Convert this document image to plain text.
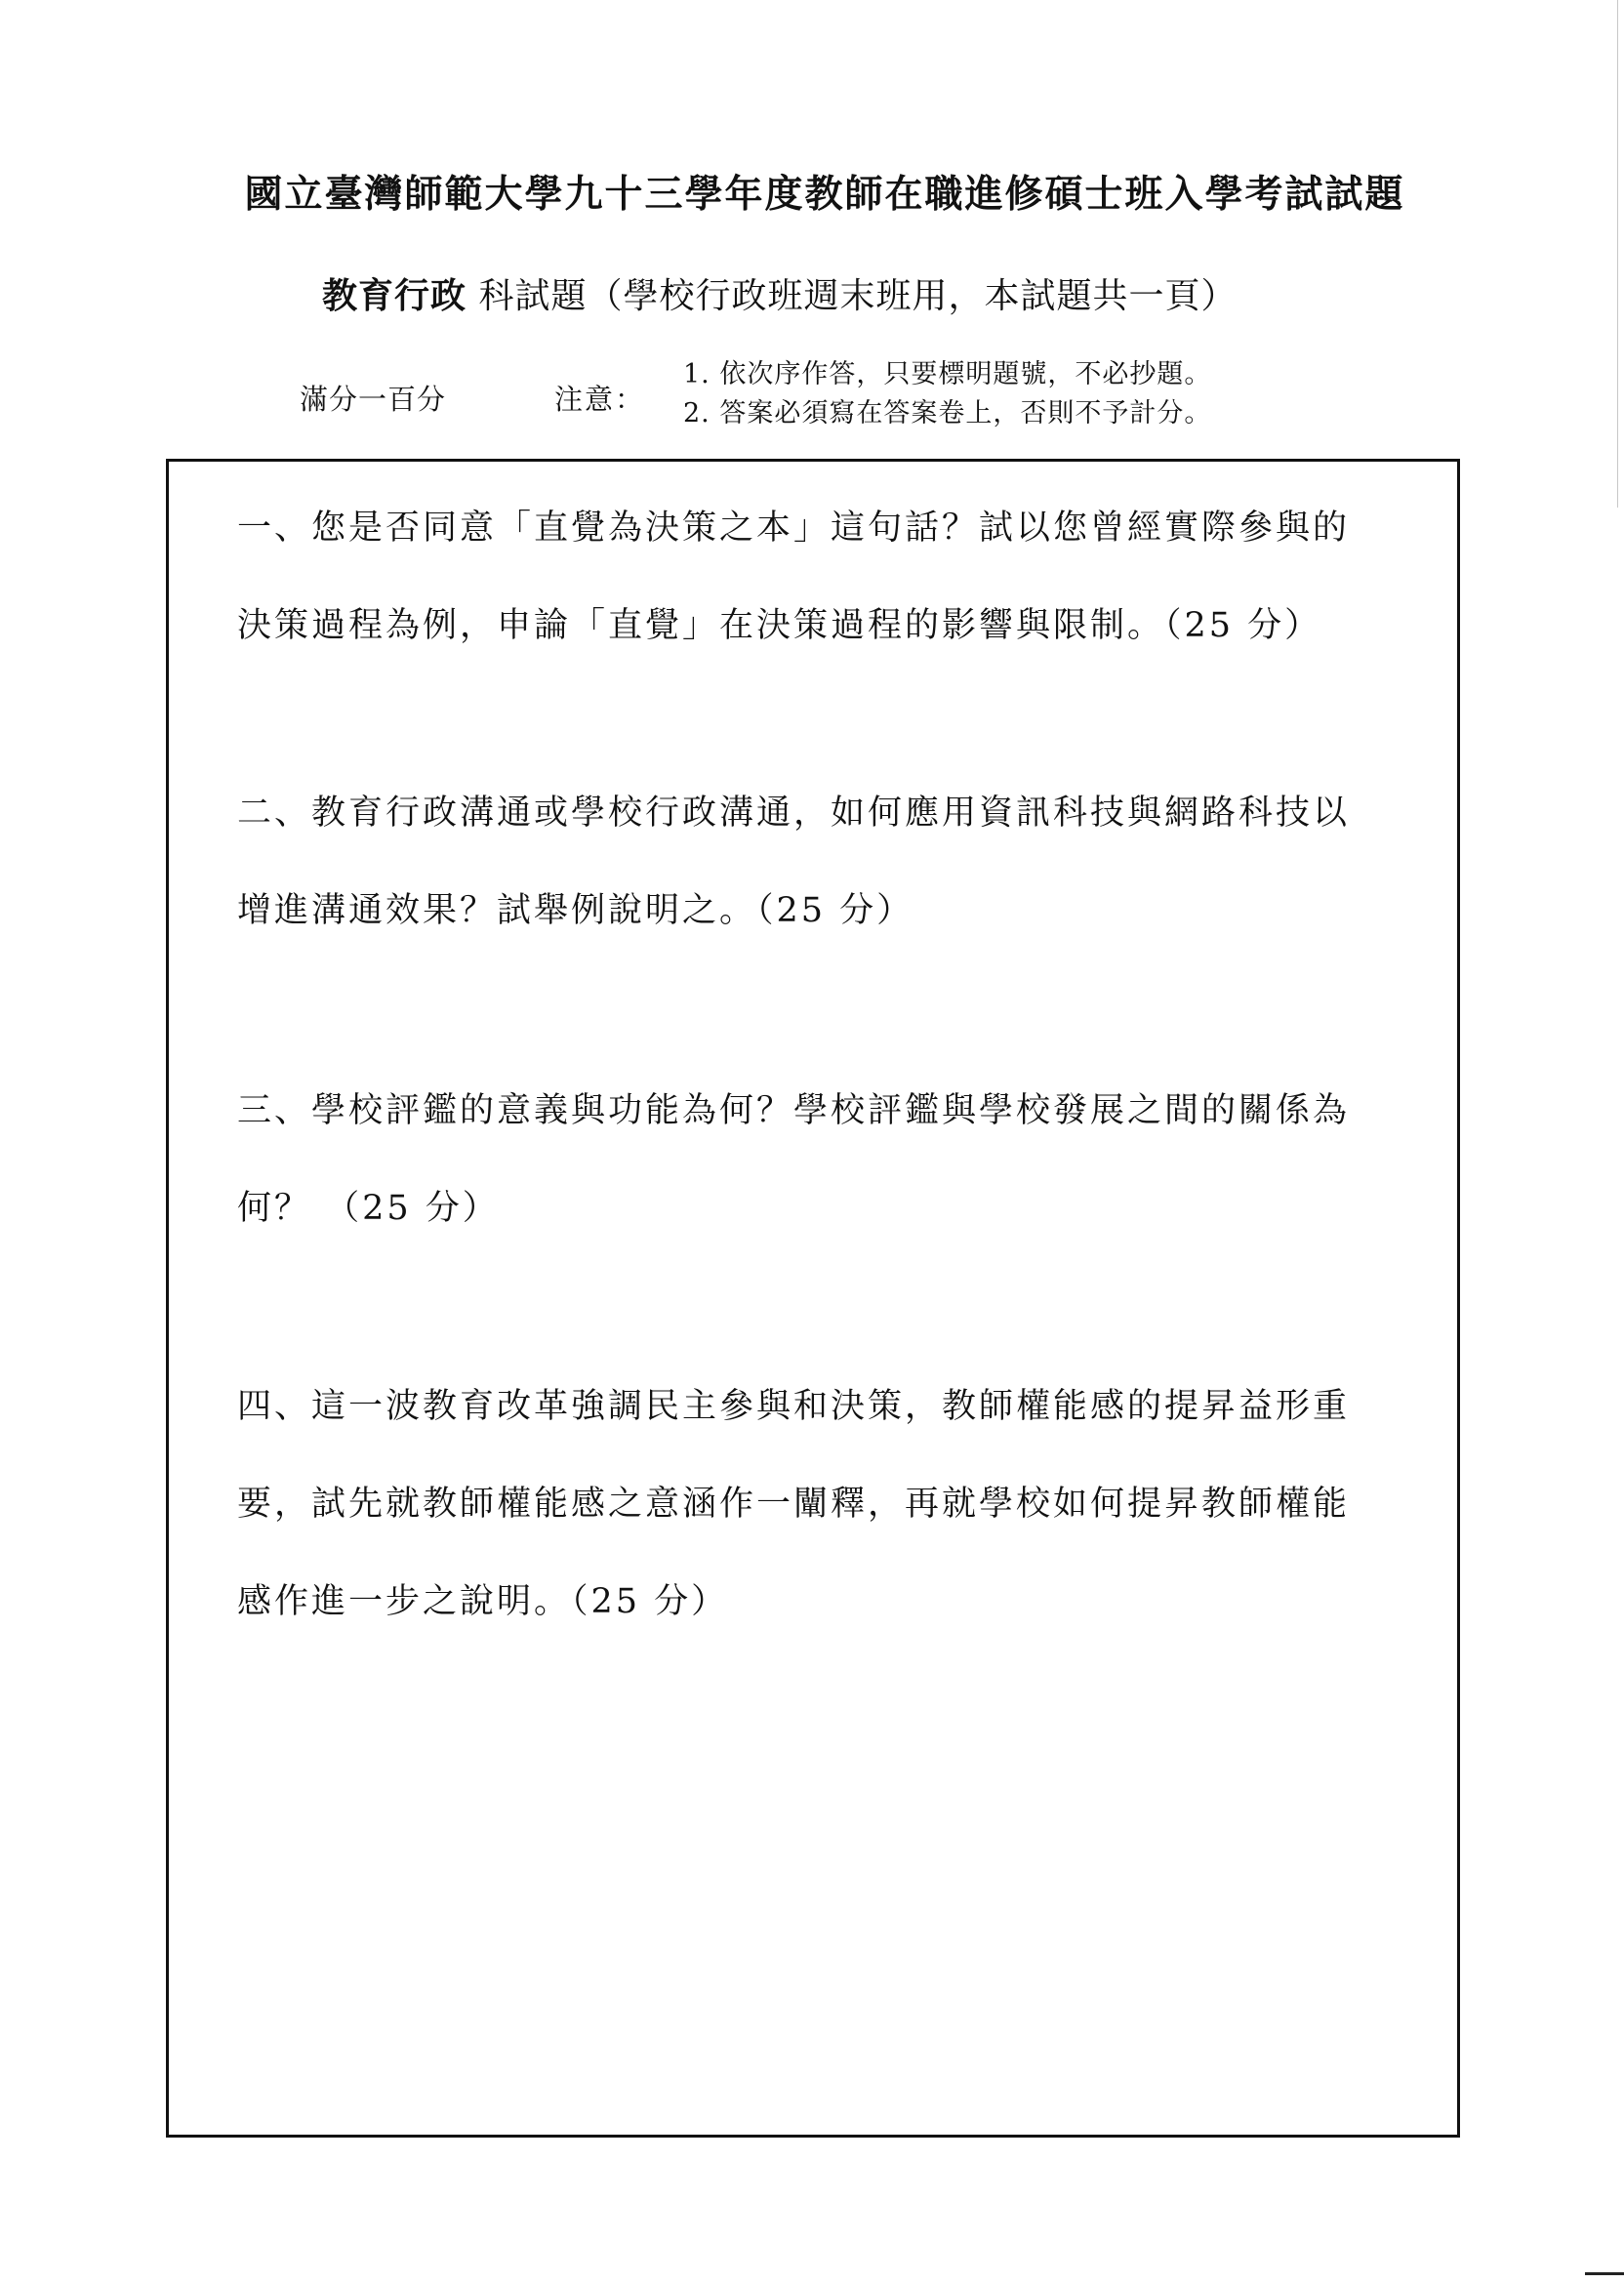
國立臺灣師範大學九十三學年度教師在職進修碩士班入學考試試題
教育行政 科試題（學校行政班週末班用，本試題共一頁）
滿分一百分	注意：
1. 依次序作答，只要標明題號，不必抄題。
2. 答案必須寫在答案卷上，否則不予計分。
一、您是否同意「直覺為決策之本」這句話？試以您曾經實際參與的
決策過程為例，申論「直覺」在決策過程的影響與限制。（25 分）
二、教育行政溝通或學校行政溝通，如何應用資訊科技與網路科技以
增進溝通效果？試舉例說明之。（25 分）
三、學校評鑑的意義與功能為何？學校評鑑與學校發展之間的關係為
何？ （25 分）
四、這一波教育改革強調民主參與和決策，教師權能感的提昇益形重
要，試先就教師權能感之意涵作一闡釋，再就學校如何提昇教師權能
感作進一步之說明。（25 分）
